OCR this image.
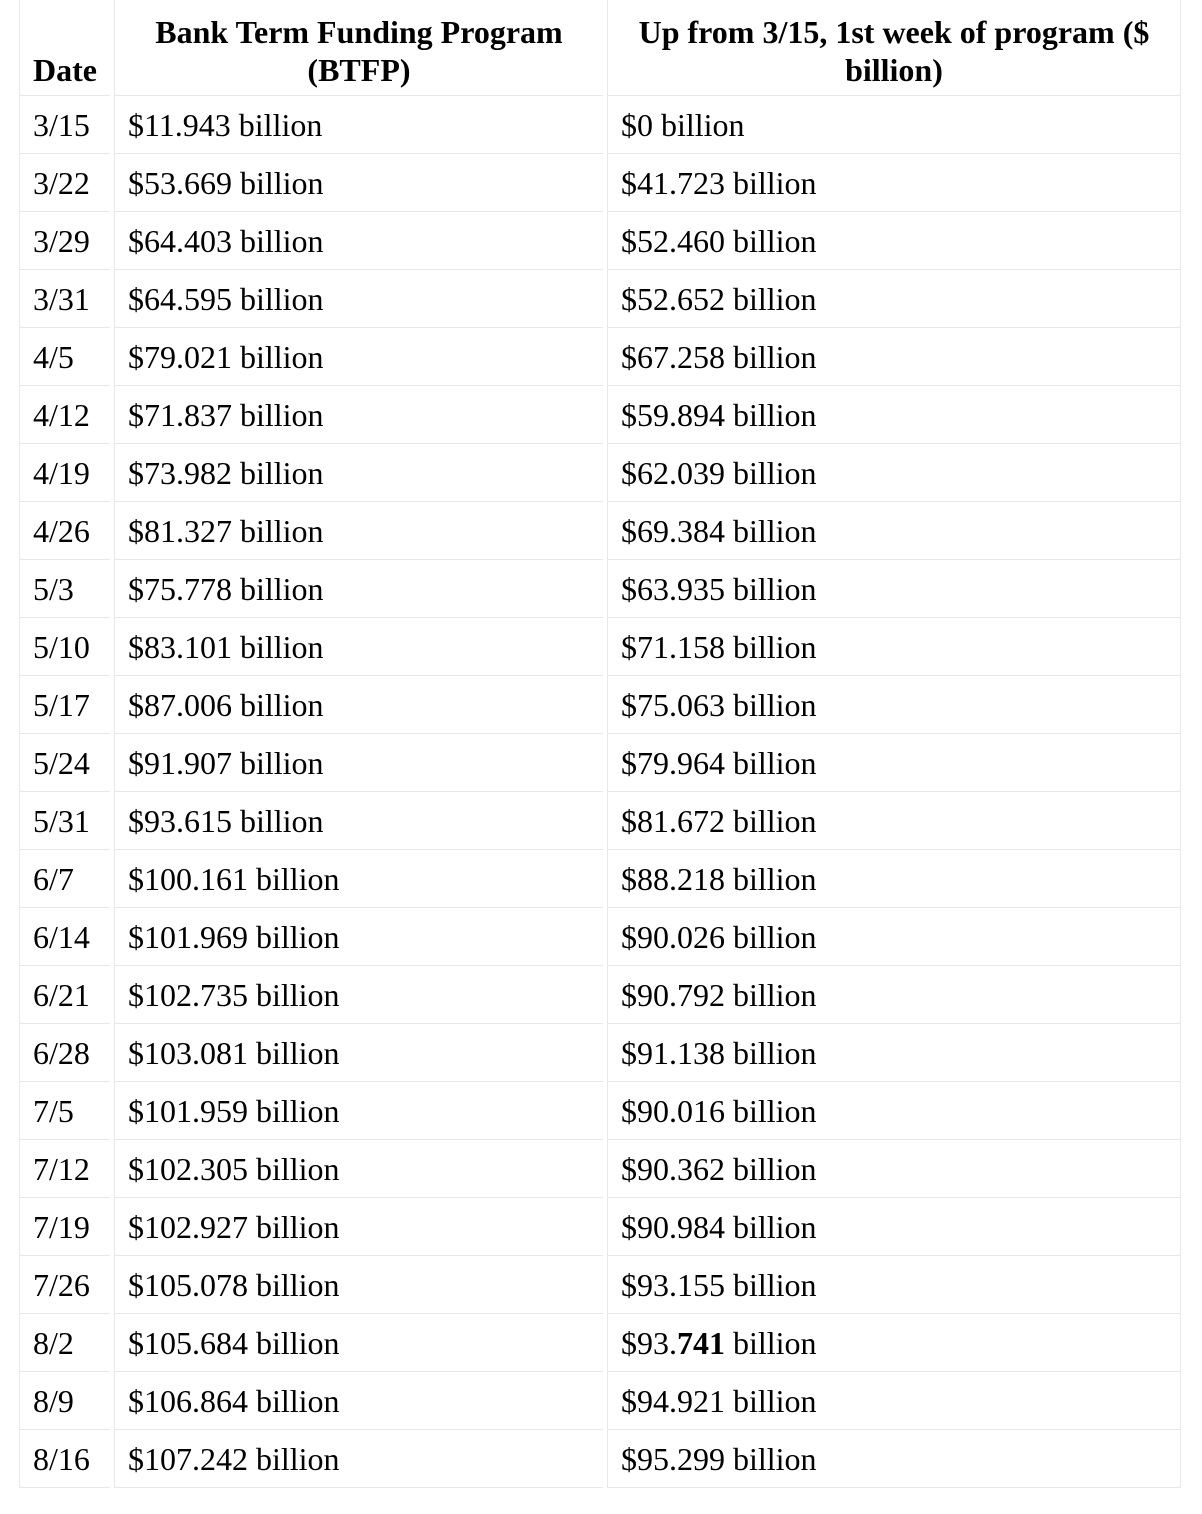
Date	
Bank Term Funding Program
(BTFP)

Up from 3/15, 1st week of program ($
billion)

3/15	$11.943 billion	$0 billion
3/22	$53.669 billion	$41.723 billion
3/29	$64.403 billion	$52.460 billion
3/31	$64.595 billion	$52.652 billion
4/5	$79.021 billion	$67.258 billion
4/12	$71.837 billion	$59.894 billion
4/19	$73.982 billion	$62.039 billion
4/26	$81.327 billion	$69.384 billion
5/3	$75.778 billion	$63.935 billion
5/10	$83.101 billion	$71.158 billion
5/17	$87.006 billion	$75.063 billion
5/24	$91.907 billion	$79.964 billion
5/31	$93.615 billion	$81.672 billion
6/7	$100.161 billion	$88.218 billion
6/14	$101.969 billion	$90.026 billion
6/21	$102.735 billion	$90.792 billion
6/28	$103.081 billion	$91.138 billion
7/5	$101.959 billion	$90.016 billion
7/12	$102.305 billion	$90.362 billion
7/19	$102.927 billion	$90.984 billion
7/26	$105.078 billion	$93.155 billion
8/2	$105.684 billion	$93.741 billion
8/9	$106.864 billion	$94.921 billion
8/16	$107.242 billion	$95.299 billion
